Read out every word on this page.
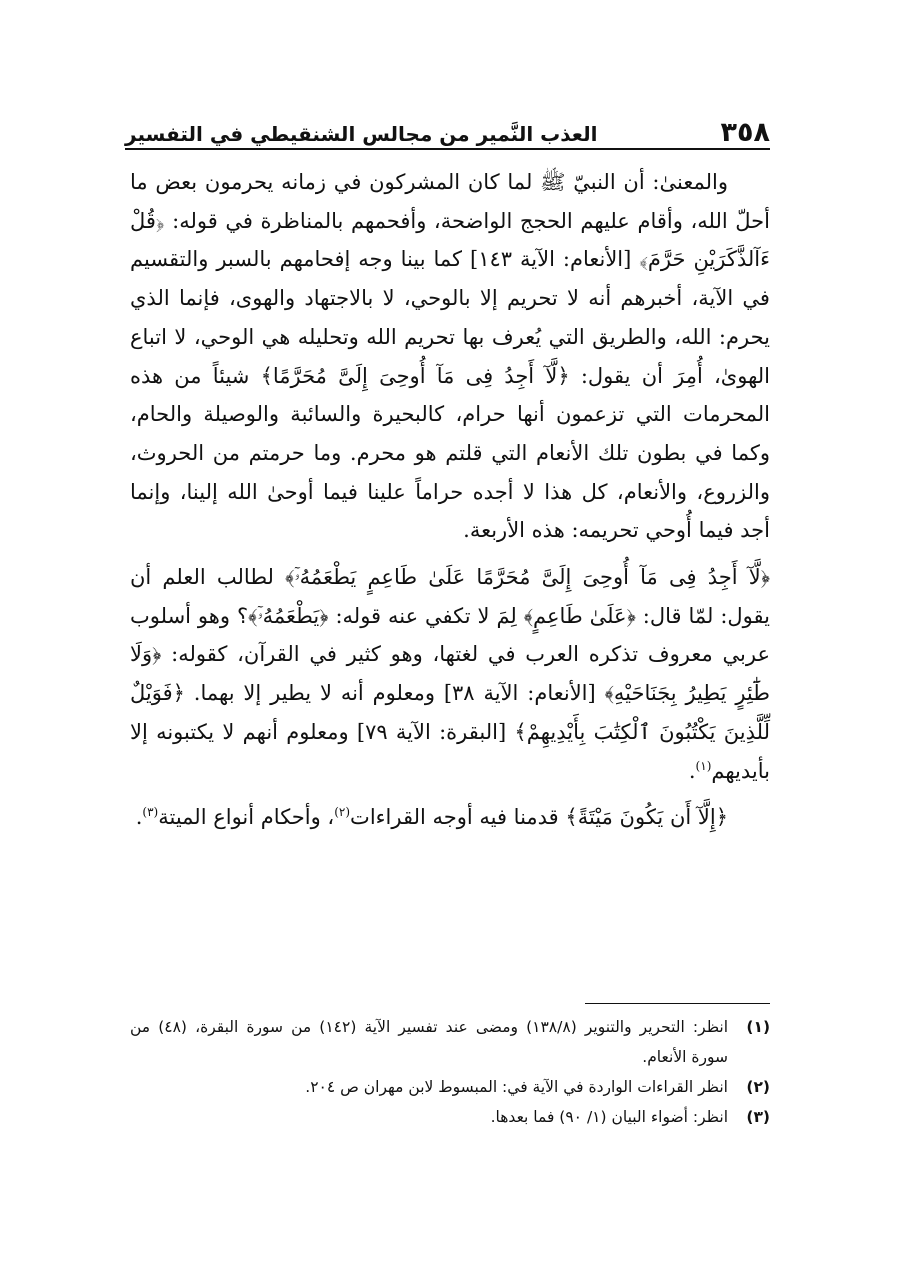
٣٥٨
العذب النَّمير من مجالس الشنقيطي في التفسير

والمعنىٰ: أن النبيّ ﷺ لما كان المشركون في زمانه يحرمون بعض ما أحلّ الله، وأقام عليهم الحجج الواضحة، وأفحمهم بالمناظرة في قوله: ﴿قُلْ ءَآلذَّكَرَيْنِ حَرَّمَ﴾ [الأنعام: الآية ١٤٣] كما بينا وجه إفحامهم بالسبر والتقسيم في الآية، أخبرهم أنه لا تحريم إلا بالوحي، لا بالاجتهاد والهوى، فإنما الذي يحرم: الله، والطريق التي يُعرف بها تحريم الله وتحليله هي الوحي، لا اتباع الهوىٰ، أُمِرَ أن يقول: ﴿لَّآ أَجِدُ فِى مَآ أُوحِىَ إِلَىَّ مُحَرَّمًا﴾ شيئاً من هذه المحرمات التي تزعمون أنها حرام، كالبحيرة والسائبة والوصيلة والحام، وكما في بطون تلك الأنعام التي قلتم هو محرم. وما حرمتم من الحروث، والزروع، والأنعام، كل هذا لا أجده حراماً علينا فيما أوحىٰ الله إلينا، وإنما أجد فيما أُوحي تحريمه: هذه الأربعة.

﴿لَّآ أَجِدُ فِى مَآ أُوحِىَ إِلَىَّ مُحَرَّمًا عَلَىٰ طَاعِمٍ يَطْعَمُهُۥٓ﴾ لطالب العلم أن يقول: لمّا قال: ﴿عَلَىٰ طَاعِمٍ﴾ لِمَ لا تكفي عنه قوله: ﴿يَطْعَمُهُۥٓ﴾؟ وهو أسلوب عربي معروف تذكره العرب في لغتها، وهو كثير في القرآن، كقوله: ﴿وَلَا طَٰٓئِرٍ يَطِيرُ بِجَنَاحَيْهِ﴾ [الأنعام: الآية ٣٨] ومعلوم أنه لا يطير إلا بهما. ﴿فَوَيْلٌ لِّلَّذِينَ يَكْتُبُونَ ٱلْكِتَٰبَ بِأَيْدِيهِمْ﴾ [البقرة: الآية ٧٩] ومعلوم أنهم لا يكتبونه إلا بأيديهم$^{(١)}$.

﴿إِلَّآ أَن يَكُونَ مَيْتَةً﴾ قدمنا فيه أوجه القراءات$^{(٢)}$، وأحكام أنواع الميتة$^{(٣)}$.

(١)انظر: التحرير والتنوير (١٣٨/٨) ومضى عند تفسير الآية (١٤٢) من سورة البقرة، (٤٨) من سورة الأنعام.

(٢)انظر القراءات الواردة في الآية في: المبسوط لابن مهران ص ٢٠٤.

(٣)انظر: أضواء البيان (١/ ٩٠) فما بعدها.
